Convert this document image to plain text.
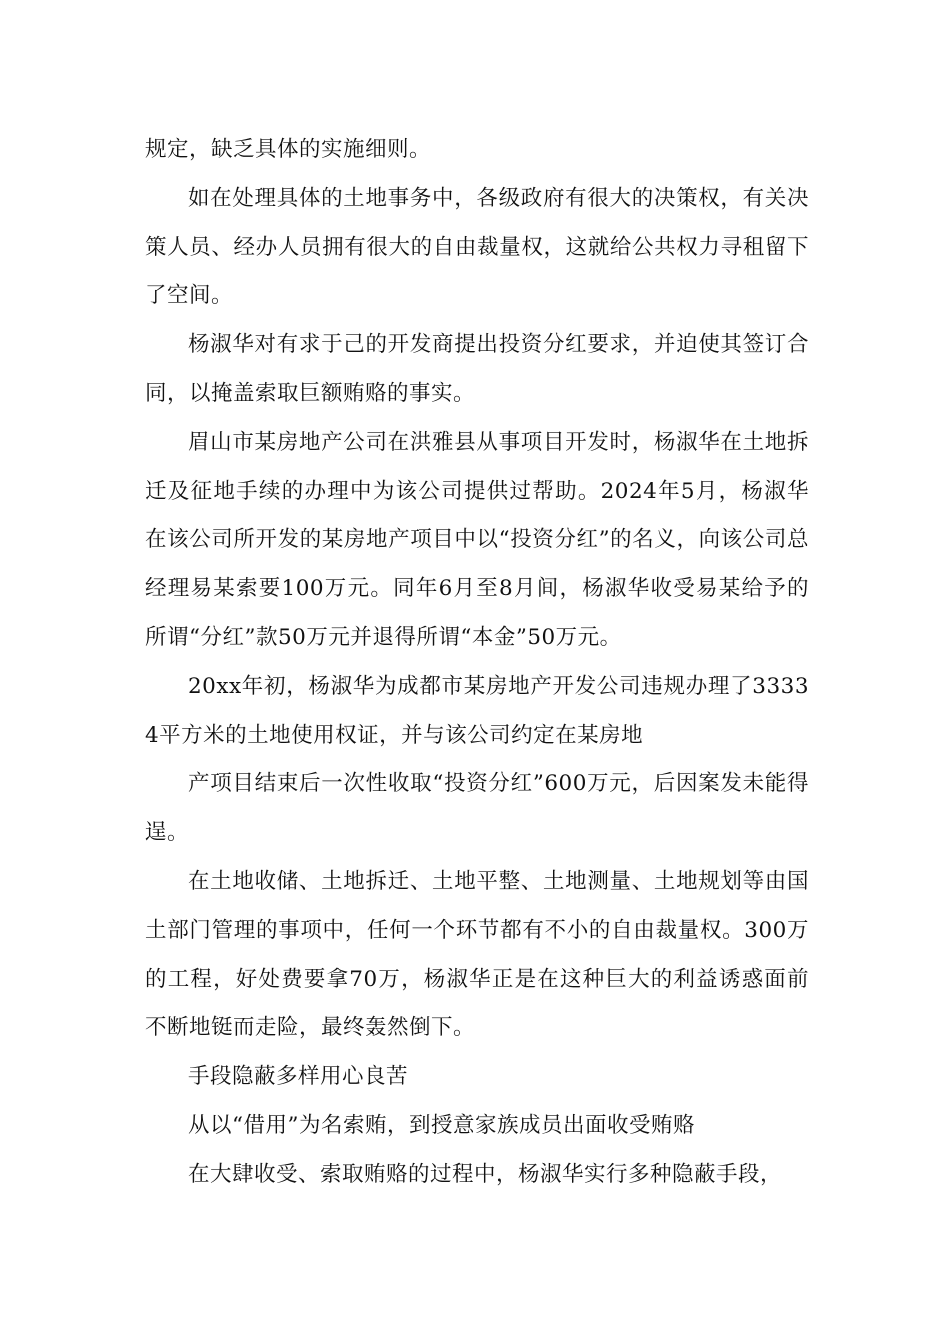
规定，缺乏具体的实施细则。

如在处理具体的土地事务中，各级政府有很大的决策权，有关决策人员、经办人员拥有很大的自由裁量权，这就给公共权力寻租留下了空间。

杨淑华对有求于己的开发商提出投资分红要求，并迫使其签订合同，以掩盖索取巨额贿赂的事实。

眉山市某房地产公司在洪雅县从事项目开发时，杨淑华在土地拆迁及征地手续的办理中为该公司提供过帮助。2024年5月，杨淑华在该公司所开发的某房地产项目中以“投资分红”的名义，向该公司总经理易某索要100万元。同年6月至8月间，杨淑华收受易某给予的所谓“分红”款50万元并退得所谓“本金”50万元。

20xx年初，杨淑华为成都市某房地产开发公司违规办理了33334平方米的土地使用权证，并与该公司约定在某房地

产项目结束后一次性收取“投资分红”600万元，后因案发未能得逞。

在土地收储、土地拆迁、土地平整、土地测量、土地规划等由国土部门管理的事项中，任何一个环节都有不小的自由裁量权。300万的工程，好处费要拿70万，杨淑华正是在这种巨大的利益诱惑面前不断地铤而走险，最终轰然倒下。

手段隐蔽多样用心良苦

从以“借用”为名索贿，到授意家族成员出面收受贿赂

在大肆收受、索取贿赂的过程中，杨淑华实行多种隐蔽手段，
